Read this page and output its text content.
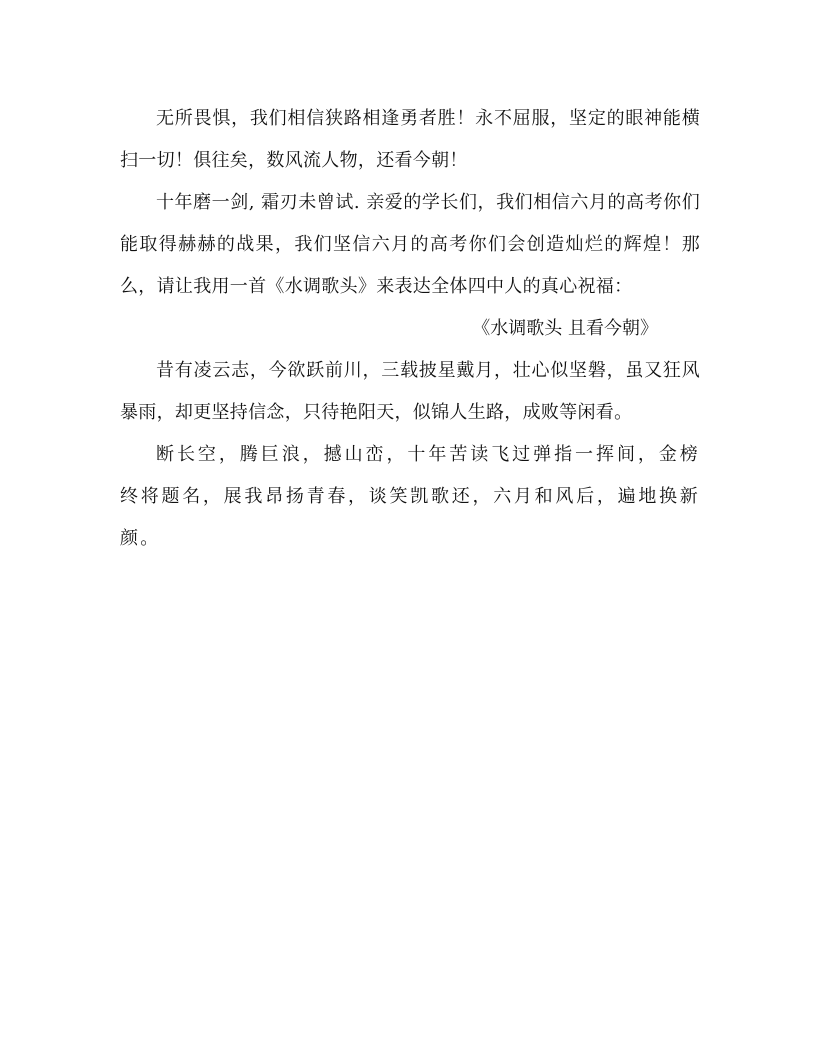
无所畏惧，我们相信狭路相逢勇者胜！永不屈服，坚定的眼神能横扫一切！俱往矣，数风流人物，还看今朝！

十年磨一剑, 霜刃未曾试. 亲爱的学长们，我们相信六月的高考你们能取得赫赫的战果，我们坚信六月的高考你们会创造灿烂的辉煌！那么，请让我用一首《水调歌头》来表达全体四中人的真心祝福：

《水调歌头 且看今朝》

昔有凌云志，今欲跃前川，三载披星戴月，壮心似坚磐，虽又狂风暴雨，却更坚持信念，只待艳阳天，似锦人生路，成败等闲看。

断长空，腾巨浪，撼山峦，十年苦读飞过弹指一挥间，金榜终将题名，展我昂扬青春，谈笑凯歌还，六月和风后，遍地换新颜。
